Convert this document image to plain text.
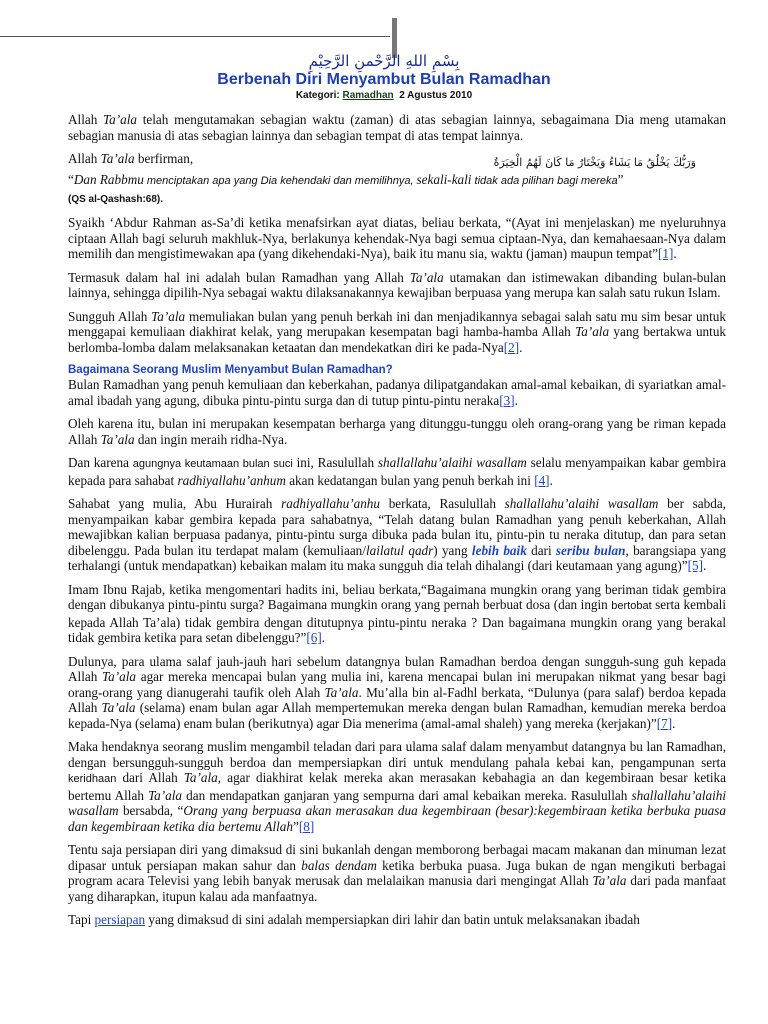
بِسْمِ اللهِ الرَّحْمنِ الرَّحِيْمِ
Berbenah Diri Menyambut Bulan Ramadhan
Kategori: Ramadhan 2 Agustus 2010

Allah Ta’ala telah mengutamakan sebagian waktu (zaman) di atas sebagian lainnya, sebagaimana Dia meng utamakan sebagian manusia di atas sebagian lainnya dan sebagian tempat di atas tempat lainnya.

Allah Ta’ala berfirman,	وَرَبُّكَ يَخْلُقُ مَا يَشَاءُ وَيَخْتَارُ مَا كَانَ لَهُمُ الْخِيَرَةُ

“Dan Rabbmu menciptakan apa yang Dia kehendaki dan memilihnya, sekali-kali tidak ada pilihan bagi mereka”
(QS al-Qashash:68).

Syaikh ‘Abdur Rahman as-Sa’di ketika menafsirkan ayat diatas, beliau berkata, “(Ayat ini menjelaskan) me nyeluruhnya ciptaan Allah bagi seluruh makhluk-Nya, berlakunya kehendak-Nya bagi semua ciptaan-Nya, dan kemahaesaan-Nya dalam memilih dan mengistimewakan apa (yang dikehendaki-Nya), baik itu manu sia, waktu (jaman) maupun tempat”[1].

Termasuk dalam hal ini adalah bulan Ramadhan yang Allah Ta’ala utamakan dan istimewakan dibanding bulan-bulan lainnya, sehingga dipilih-Nya sebagai waktu dilaksanakannya kewajiban berpuasa yang merupa kan salah satu rukun Islam.

Sungguh Allah Ta’ala memuliakan bulan yang penuh berkah ini dan menjadikannya sebagai salah satu mu sim besar untuk menggapai kemuliaan diakhirat kelak, yang merupakan kesempatan bagi hamba-hamba Allah Ta’ala yang bertakwa untuk berlomba-lomba dalam melaksanakan ketaatan dan mendekatkan diri ke pada-Nya[2].

Bagaimana Seorang Muslim Menyambut Bulan Ramadhan?

Bulan Ramadhan yang penuh kemuliaan dan keberkahan, padanya dilipatgandakan amal-amal kebaikan, di syariatkan amal-amal ibadah yang agung, dibuka pintu-pintu surga dan di tutup pintu-pintu neraka[3].

Oleh karena itu, bulan ini merupakan kesempatan berharga yang ditunggu-tunggu oleh orang-orang yang be riman kepada Allah Ta’ala dan ingin meraih ridha-Nya.

Dan karena agungnya keutamaan bulan suci ini, Rasulullah shallallahu’alaihi wasallam selalu menyampaikan kabar gembira kepada para sahabat radhiyallahu’anhum akan kedatangan bulan yang penuh berkah ini [4].

Sahabat yang mulia, Abu Hurairah radhiyallahu’anhu berkata, Rasulullah shallallahu’alaihi wasallam ber sabda, menyampaikan kabar gembira kepada para sahabatnya, “Telah datang bulan Ramadhan yang penuh keberkahan, Allah mewajibkan kalian berpuasa padanya, pintu-pintu surga dibuka pada bulan itu, pintu-pin tu neraka ditutup, dan para setan dibelenggu. Pada bulan itu terdapat malam (kemuliaan/lailatul qadr) yang lebih baik dari seribu bulan, barangsiapa yang terhalangi (untuk mendapatkan) kebaikan malam itu maka sungguh dia telah dihalangi (dari keutamaan yang agung)”[5].

Imam Ibnu Rajab, ketika mengomentari hadits ini, beliau berkata,“Bagaimana mungkin orang yang beriman tidak gembira dengan dibukanya pintu-pintu surga? Bagaimana mungkin orang yang pernah berbuat dosa (dan ingin bertobat serta kembali kepada Allah Ta’ala) tidak gembira dengan ditutupnya pintu-pintu neraka ? Dan bagaimana mungkin orang yang berakal tidak gembira ketika para setan dibelenggu?”[6].

Dulunya, para ulama salaf jauh-jauh hari sebelum datangnya bulan Ramadhan berdoa dengan sungguh-sung guh kepada Allah Ta’ala agar mereka mencapai bulan yang mulia ini, karena mencapai bulan ini merupakan nikmat yang besar bagi orang-orang yang dianugerahi taufik oleh Alah Ta’ala. Mu’alla bin al-Fadhl berkata, “Dulunya (para salaf) berdoa kepada Allah Ta’ala (selama) enam bulan agar Allah mempertemukan mereka dengan bulan Ramadhan, kemudian mereka berdoa kepada-Nya (selama) enam bulan (berikutnya) agar Dia menerima (amal-amal shaleh) yang mereka (kerjakan)”[7].

Maka hendaknya seorang muslim mengambil teladan dari para ulama salaf dalam menyambut datangnya bu lan Ramadhan, dengan bersungguh-sungguh berdoa dan mempersiapkan diri untuk mendulang pahala kebai kan, pengampunan serta keridhaan dari Allah Ta’ala, agar diakhirat kelak mereka akan merasakan kebahagia an dan kegembiraan besar ketika bertemu Allah Ta’ala dan mendapatkan ganjaran yang sempurna dari amal kebaikan mereka. Rasulullah shallallahu’alaihi wasallam bersabda, “Orang yang berpuasa akan merasakan dua kegembiraan (besar):kegembiraan ketika berbuka puasa dan kegembiraan ketika dia bertemu Allah”[8]

Tentu saja persiapan diri yang dimaksud di sini bukanlah dengan memborong berbagai macam makanan dan minuman lezat dipasar untuk persiapan makan sahur dan balas dendam ketika berbuka puasa. Juga bukan de ngan mengikuti berbagai program acara Televisi yang lebih banyak merusak dan melalaikan manusia dari mengingat Allah Ta’ala dari pada manfaat yang diharapkan, itupun kalau ada manfaatnya.

Tapi persiapan yang dimaksud di sini adalah mempersiapkan diri lahir dan batin untuk melaksanakan ibadah
